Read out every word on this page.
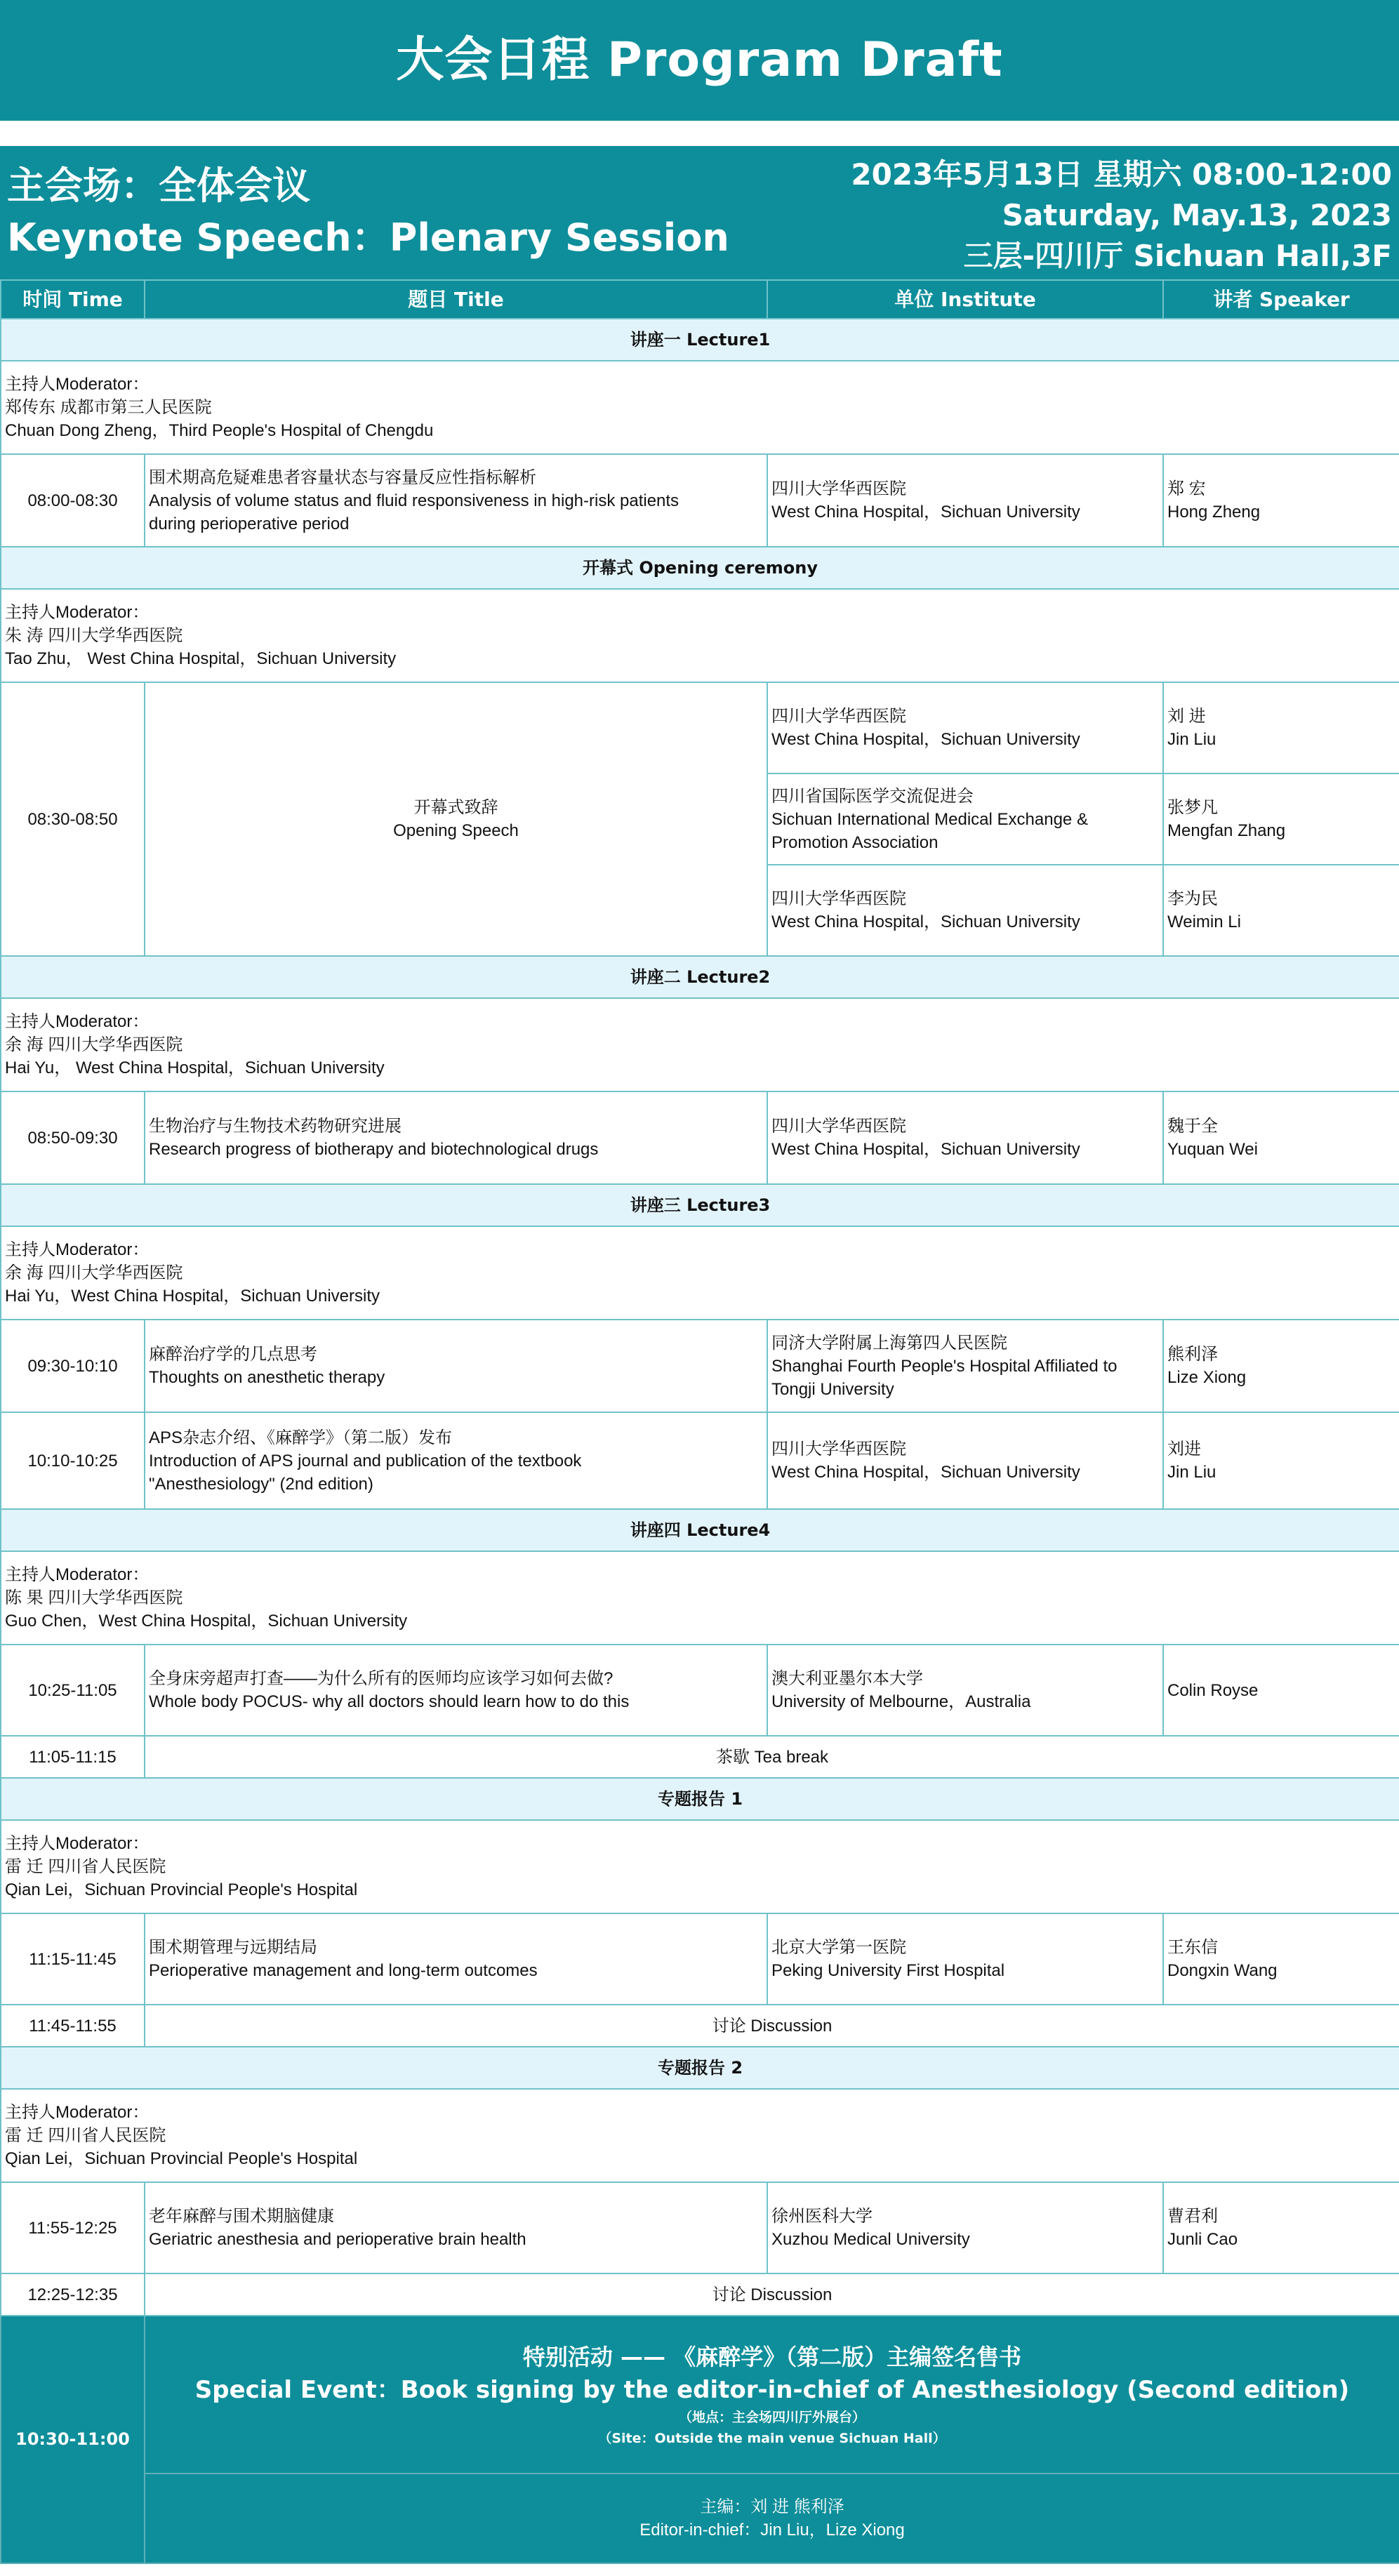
大会日程 Program Draft
主会场：全体会议
Keynote Speech：Plenary Session
2023年5月13日 星期六 08:00-12:00
Saturday, May.13, 2023
三层-四川厅 Sichuan Hall,3F
时间 Time	题目 Title	单位 Institute	讲者 Speaker
讲座一 Lecture1			

主持人Moderator：
郑传东 成都市第三人民医院
Chuan Dong Zheng，Third People's Hospital of Chengdu			

08:00-08:30	围术期高危疑难患者容量状态与容量反应性指标解析
Analysis of volume status and fluid responsiveness in high-risk patients
during perioperative period	四川大学华西医院
West China Hospital，Sichuan University	郑 宏
Hong Zheng

开幕式 Opening ceremony			

主持人Moderator：
朱 涛 四川大学华西医院
Tao Zhu， West China Hospital，Sichuan University			

08:30-08:50	开幕式致辞
Opening Speech	四川大学华西医院
West China Hospital，Sichuan University	刘 进
Jin Liu

		四川省国际医学交流促进会
Sichuan International Medical Exchange &
Promotion Association	张梦凡
Mengfan Zhang

		四川大学华西医院
West China Hospital，Sichuan University	李为民
Weimin Li

讲座二 Lecture2			

主持人Moderator：
余 海 四川大学华西医院
Hai Yu， West China Hospital，Sichuan University			

08:50-09:30	生物治疗与生物技术药物研究进展
Research progress of biotherapy and biotechnological drugs	四川大学华西医院
West China Hospital，Sichuan University	魏于全
Yuquan Wei

讲座三 Lecture3			

主持人Moderator：
余 海 四川大学华西医院
Hai Yu，West China Hospital，Sichuan University			

09:30-10:10	麻醉治疗学的几点思考
Thoughts on anesthetic therapy	同济大学附属上海第四人民医院
Shanghai Fourth People's Hospital Affiliated to
Tongji University	熊利泽
Lize Xiong

10:10-10:25	APS杂志介绍、《麻醉学》（第二版）发布
Introduction of APS journal and publication of the textbook
"Anesthesiology" (2nd edition)	四川大学华西医院
West China Hospital，Sichuan University	刘进
Jin Liu

讲座四 Lecture4			

主持人Moderator：
陈 果 四川大学华西医院
Guo Chen，West China Hospital，Sichuan University			

10:25-11:05	全身床旁超声打查——为什么所有的医师均应该学习如何去做?
Whole body POCUS- why all doctors should learn how to do this	澳大利亚墨尔本大学
University of Melbourne，Australia	Colin Royse

11:05-11:15	茶歇 Tea break		
专题报告 1			

主持人Moderator：
雷 迁 四川省人民医院
Qian Lei，Sichuan Provincial People's Hospital			

11:15-11:45	围术期管理与远期结局
Perioperative management and long-term outcomes	北京大学第一医院
Peking University First Hospital	王东信
Dongxin Wang

11:45-11:55	讨论 Discussion		
专题报告 2			

主持人Moderator：
雷 迁 四川省人民医院
Qian Lei，Sichuan Provincial People's Hospital			

11:55-12:25	老年麻醉与围术期脑健康
Geriatric anesthesia and perioperative brain health	徐州医科大学
Xuzhou Medical University	曹君利
Junli Cao

12:25-12:35	讨论 Discussion		
10:30-11:00	特别活动 —— 《麻醉学》（第二版）主编签名售书
Special Event：Book signing by the editor-in-chief of Anesthesiology (Second edition)
（地点：主会场四川厅外展台）
（Site：Outside the main venue Sichuan Hall）		

	主编：刘 进 熊利泽
Editor-in-chief：Jin Liu，Lize Xiong		
